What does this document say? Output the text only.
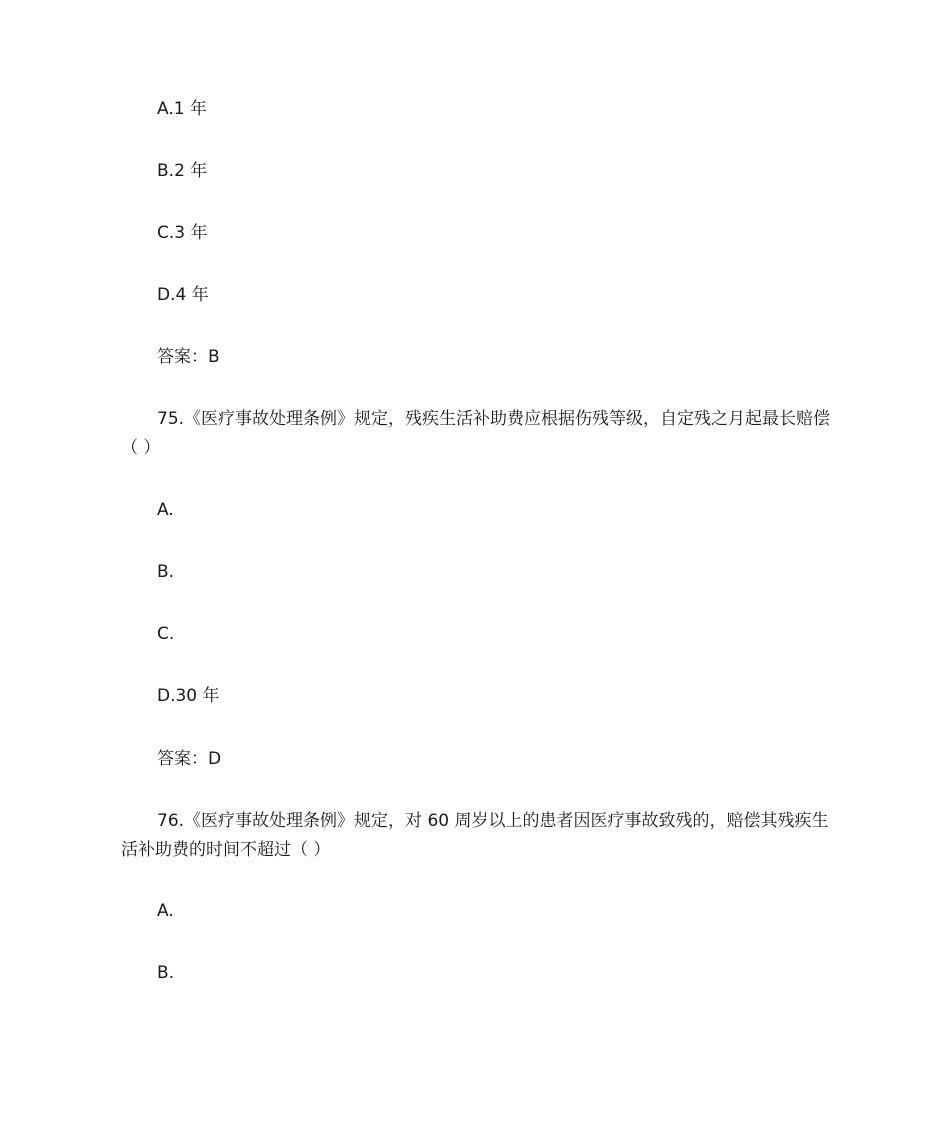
A.1 年
B.2 年
C.3 年
D.4 年
答案：B
75.《医疗事故处理条例》规定，残疾生活补助费应根据伤残等级，自定残之月起最长赔偿（ ）
A.
B.
C.
D.30 年
答案：D
76.《医疗事故处理条例》规定，对 60 周岁以上的患者因医疗事故致残的，赔偿其残疾生活补助费的时间不超过（ ）
A.
B.
